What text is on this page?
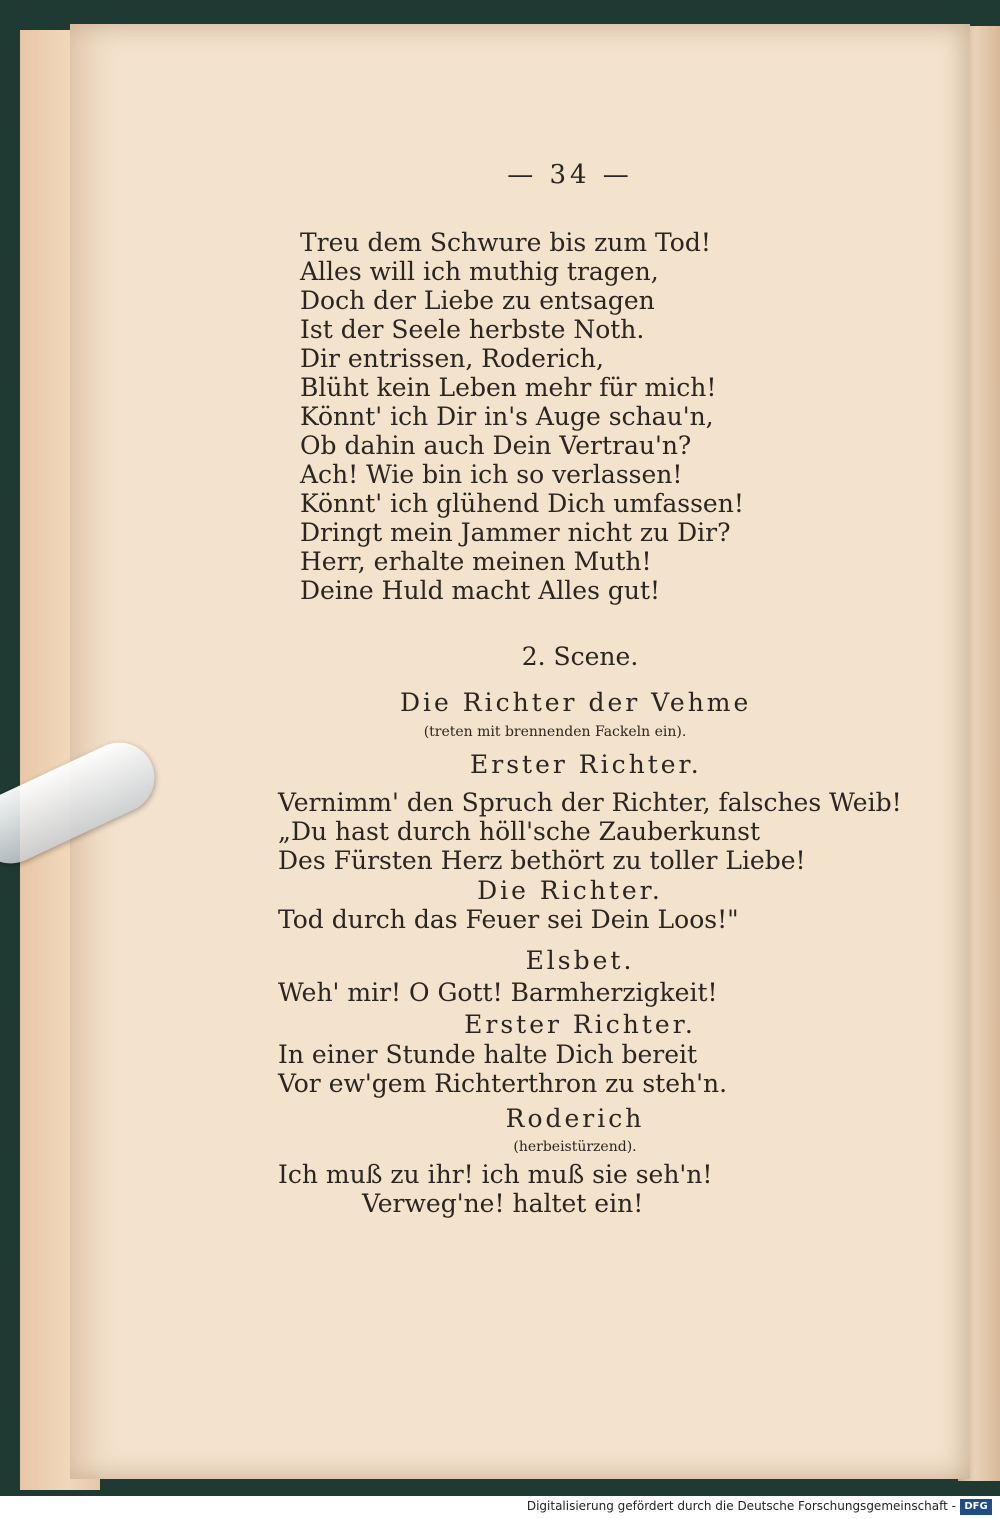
— 34 —
Treu dem Schwure bis zum Tod!
Alles will ich muthig tragen,
Doch der Liebe zu entsagen
Ist der Seele herbste Noth.
Dir entrissen, Roderich,
Blüht kein Leben mehr für mich!
Könnt' ich Dir in's Auge schau'n,
Ob dahin auch Dein Vertrau'n?
Ach! Wie bin ich so verlassen!
Könnt' ich glühend Dich umfassen!
Dringt mein Jammer nicht zu Dir?
Herr, erhalte meinen Muth!
Deine Huld macht Alles gut!
2. Scene.
Die Richter der Vehme
(treten mit brennenden Fackeln ein).
Erster Richter.
Vernimm' den Spruch der Richter, falsches Weib!
„Du hast durch höll'sche Zauberkunst
Des Fürsten Herz bethört zu toller Liebe!
Die Richter.
Tod durch das Feuer sei Dein Loos!"
Elsbet.
Weh' mir! O Gott! Barmherzigkeit!
Erster Richter.
In einer Stunde halte Dich bereit
Vor ew'gem Richterthron zu steh'n.
Roderich
(herbeistürzend).
Ich muß zu ihr! ich muß sie seh'n!
Verweg'ne! haltet ein!
Digitalisierung gefördert durch die Deutsche Forschungsgemeinschaft - DFG
